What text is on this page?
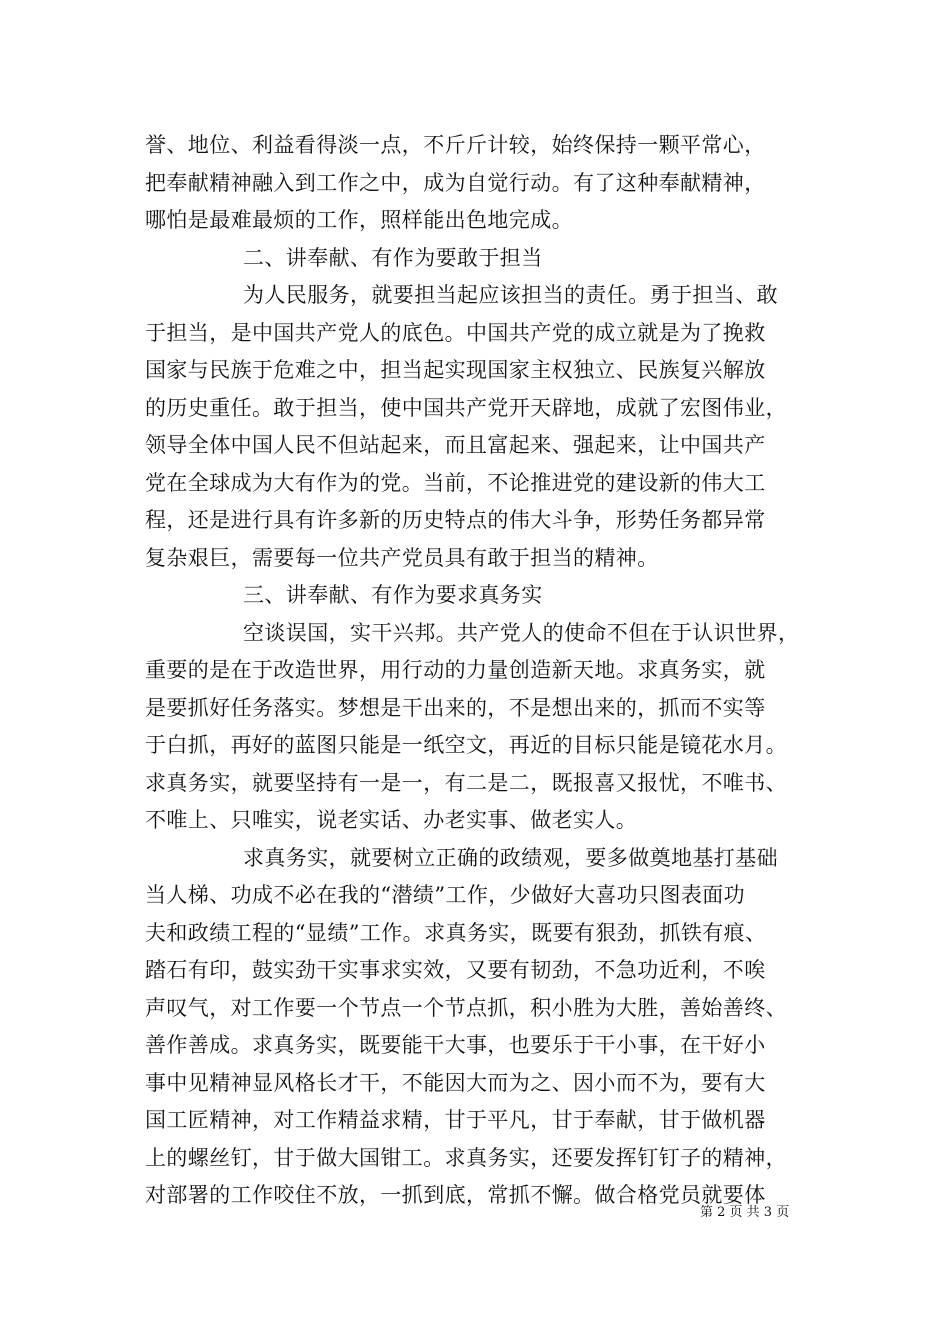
誉、地位、利益看得淡一点，不斤斤计较，始终保持一颗平常心，
把奉献精神融入到工作之中，成为自觉行动。有了这种奉献精神，
哪怕是最难最烦的工作，照样能出色地完成。
二、讲奉献、有作为要敢于担当
为人民服务，就要担当起应该担当的责任。勇于担当、敢
于担当，是中国共产党人的底色。中国共产党的成立就是为了挽救
国家与民族于危难之中，担当起实现国家主权独立、民族复兴解放
的历史重任。敢于担当，使中国共产党开天辟地，成就了宏图伟业，
领导全体中国人民不但站起来，而且富起来、强起来，让中国共产
党在全球成为大有作为的党。当前，不论推进党的建设新的伟大工
程，还是进行具有许多新的历史特点的伟大斗争，形势任务都异常
复杂艰巨，需要每一位共产党员具有敢于担当的精神。
三、讲奉献、有作为要求真务实
空谈误国，实干兴邦。共产党人的使命不但在于认识世界，
重要的是在于改造世界，用行动的力量创造新天地。求真务实，就
是要抓好任务落实。梦想是干出来的，不是想出来的，抓而不实等
于白抓，再好的蓝图只能是一纸空文，再近的目标只能是镜花水月。
求真务实，就要坚持有一是一，有二是二，既报喜又报忧，不唯书、
不唯上、只唯实，说老实话、办老实事、做老实人。
求真务实，就要树立正确的政绩观，要多做奠地基打基础
当人梯、功成不必在我的“潜绩”工作，少做好大喜功只图表面功
夫和政绩工程的“显绩”工作。求真务实，既要有狠劲，抓铁有痕、
踏石有印，鼓实劲干实事求实效，又要有韧劲，不急功近利，不唉
声叹气，对工作要一个节点一个节点抓，积小胜为大胜，善始善终、
善作善成。求真务实，既要能干大事，也要乐于干小事，在干好小
事中见精神显风格长才干，不能因大而为之、因小而不为，要有大
国工匠精神，对工作精益求精，甘于平凡，甘于奉献，甘于做机器
上的螺丝钉，甘于做大国钳工。求真务实，还要发挥钉钉子的精神，
对部署的工作咬住不放，一抓到底，常抓不懈。做合格党员就要体
第 2 页 共 3 页
